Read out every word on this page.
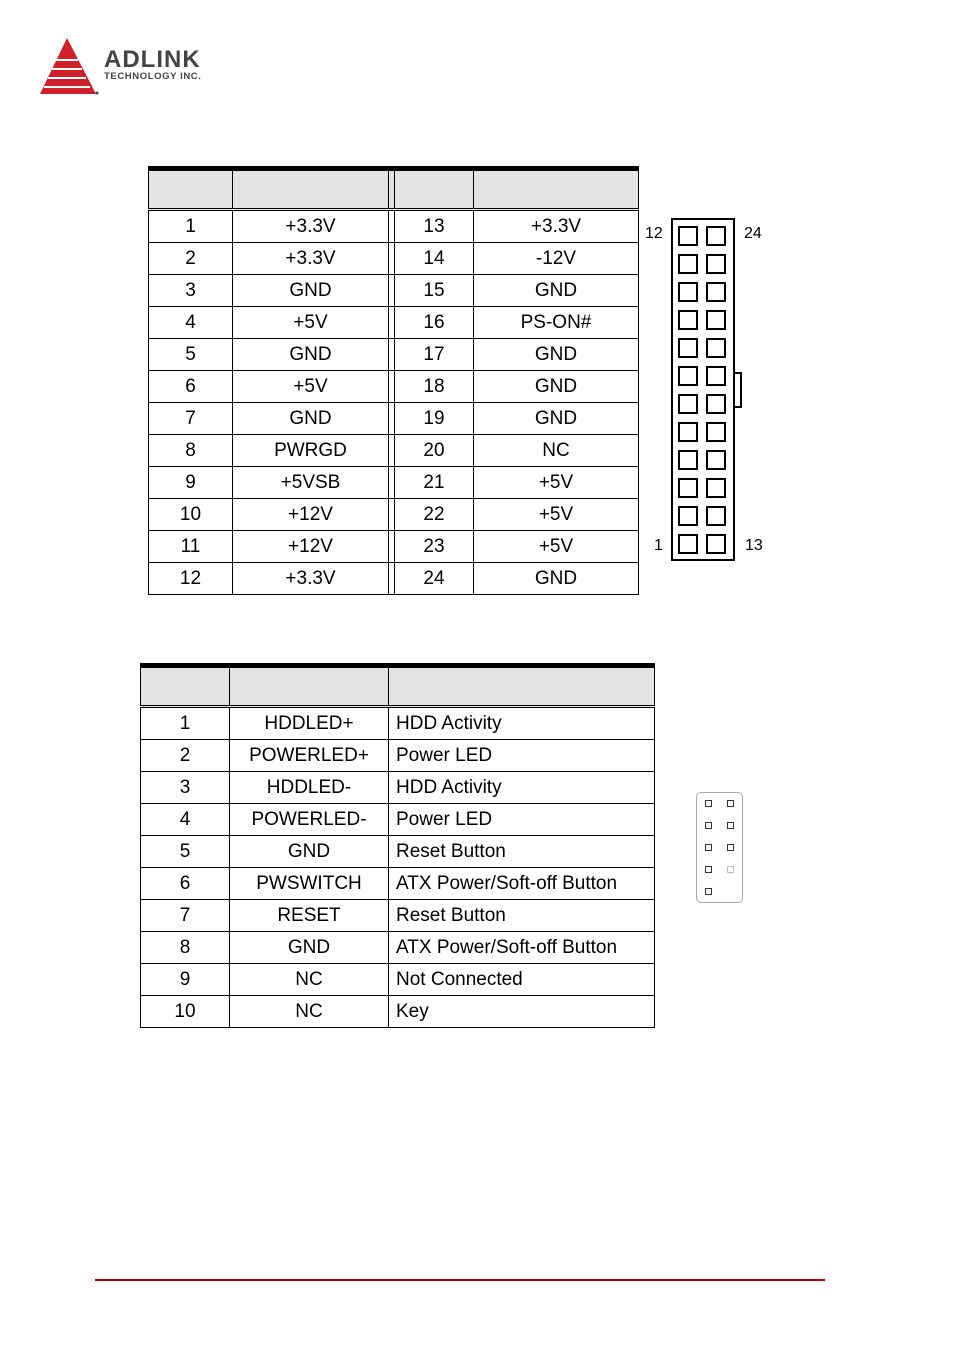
ADLINK
TECHNOLOGY INC.

1	+3.3V		13	+3.3V
2	+3.3V		14	-12V
3	GND		15	GND
4	+5V		16	PS-ON#
5	GND		17	GND
6	+5V		18	GND
7	GND		19	GND
8	PWRGD		20	NC
9	+5VSB		21	+5V
10	+12V		22	+5V
11	+12V		23	+5V
12	+3.3V		24	GND
12	24
1	13

1	HDDLED+	HDD Activity
2	POWERLED+	Power LED
3	HDDLED-	HDD Activity
4	POWERLED-	Power LED
5	GND	Reset Button
6	PWSWITCH	ATX Power/Soft-off Button
7	RESET	Reset Button
8	GND	ATX Power/Soft-off Button
9	NC	Not Connected
10	NC	Key
